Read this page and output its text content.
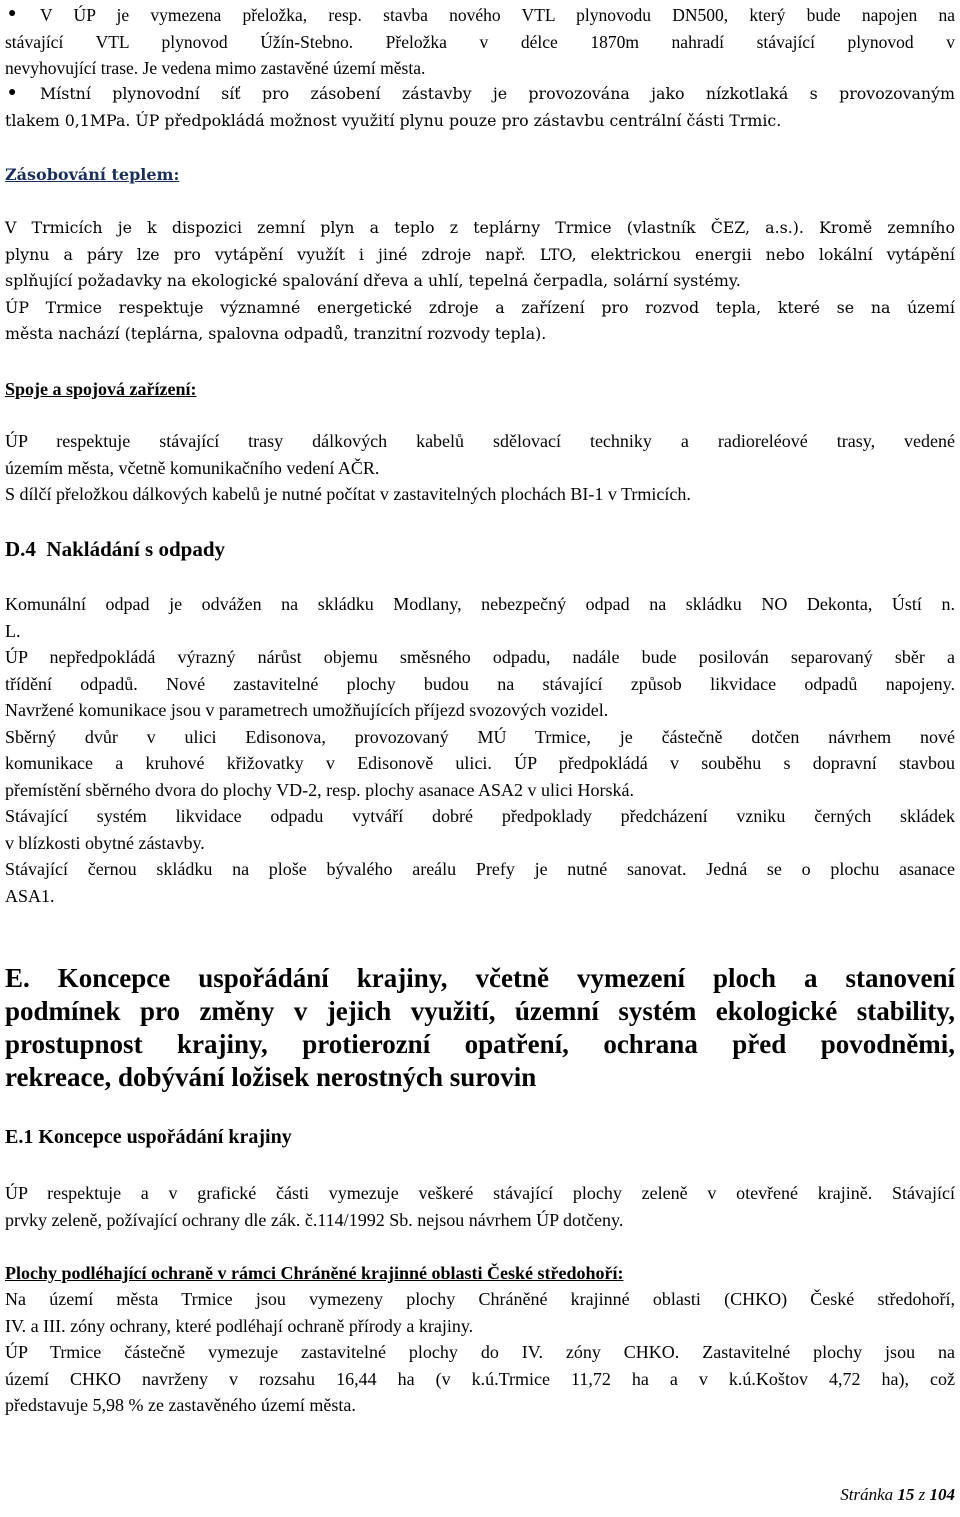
● V ÚP je vymezena přeložka, resp. stavba nového VTL plynovodu DN500, který bude napojen na
stávající VTL plynovod Úžín-Stebno. Přeložka v délce 1870m nahradí stávající plynovod v
nevyhovující trase. Je vedena mimo zastavěné území města.
● Místní plynovodní síť pro zásobení zástavby je provozována jako nízkotlaká s provozovaným
tlakem 0,1MPa. ÚP předpokládá možnost využití plynu pouze pro zástavbu centrální části Trmic.
Zásobování teplem:
V Trmicích je k dispozici zemní plyn a teplo z teplárny Trmice (vlastník ČEZ, a.s.). Kromě zemního
plynu a páry lze pro vytápění využít i jiné zdroje např. LTO, elektrickou energii nebo lokální vytápění
splňující požadavky na ekologické spalování dřeva a uhlí, tepelná čerpadla, solární systémy.
ÚP Trmice respektuje významné energetické zdroje a zařízení pro rozvod tepla, které se na území
města nachází (teplárna, spalovna odpadů, tranzitní rozvody tepla).
Spoje a spojová zařízení:
ÚP respektuje stávající trasy dálkových kabelů sdělovací techniky a radioreléové trasy, vedené
územím města, včetně komunikačního vedení AČR.
S dílčí přeložkou dálkových kabelů je nutné počítat v zastavitelných plochách BI-1 v Trmicích.
D.4 Nakládání s odpady
Komunální odpad je odvážen na skládku Modlany, nebezpečný odpad na skládku NO Dekonta, Ústí n.
L.
ÚP nepředpokládá výrazný nárůst objemu směsného odpadu, nadále bude posilován separovaný sběr a
třídění odpadů. Nové zastavitelné plochy budou na stávající způsob likvidace odpadů napojeny.
Navržené komunikace jsou v parametrech umožňujících příjezd svozových vozidel.
Sběrný dvůr v ulici Edisonova, provozovaný MÚ Trmice, je částečně dotčen návrhem nové
komunikace a kruhové křižovatky v Edisonově ulici. ÚP předpokládá v souběhu s dopravní stavbou
přemístění sběrného dvora do plochy VD-2, resp. plochy asanace ASA2 v ulici Horská.
Stávající systém likvidace odpadu vytváří dobré předpoklady předcházení vzniku černých skládek
v blízkosti obytné zástavby.
Stávající černou skládku na ploše bývalého areálu Prefy je nutné sanovat. Jedná se o plochu asanace
ASA1.
E. Koncepce uspořádání krajiny, včetně vymezení ploch a stanovení
podmínek pro změny v jejich využití, územní systém ekologické stability,
prostupnost krajiny, protierozní opatření, ochrana před povodněmi,
rekreace, dobývání ložisek nerostných surovin
E.1 Koncepce uspořádání krajiny
ÚP respektuje a v grafické části vymezuje veškeré stávající plochy zeleně v otevřené krajině. Stávající
prvky zeleně, požívající ochrany dle zák. č.114/1992 Sb. nejsou návrhem ÚP dotčeny.
Plochy podléhající ochraně v rámci Chráněné krajinné oblasti České středohoří:
Na území města Trmice jsou vymezeny plochy Chráněné krajinné oblasti (CHKO) České středohoří,
IV. a III. zóny ochrany, které podléhají ochraně přírody a krajiny.
ÚP Trmice částečně vymezuje zastavitelné plochy do IV. zóny CHKO. Zastavitelné plochy jsou na
území CHKO navrženy v rozsahu 16,44 ha (v k.ú.Trmice 11,72 ha a v k.ú.Koštov 4,72 ha), což
představuje 5,98 % ze zastavěného území města.
Stránka 15 z 104
